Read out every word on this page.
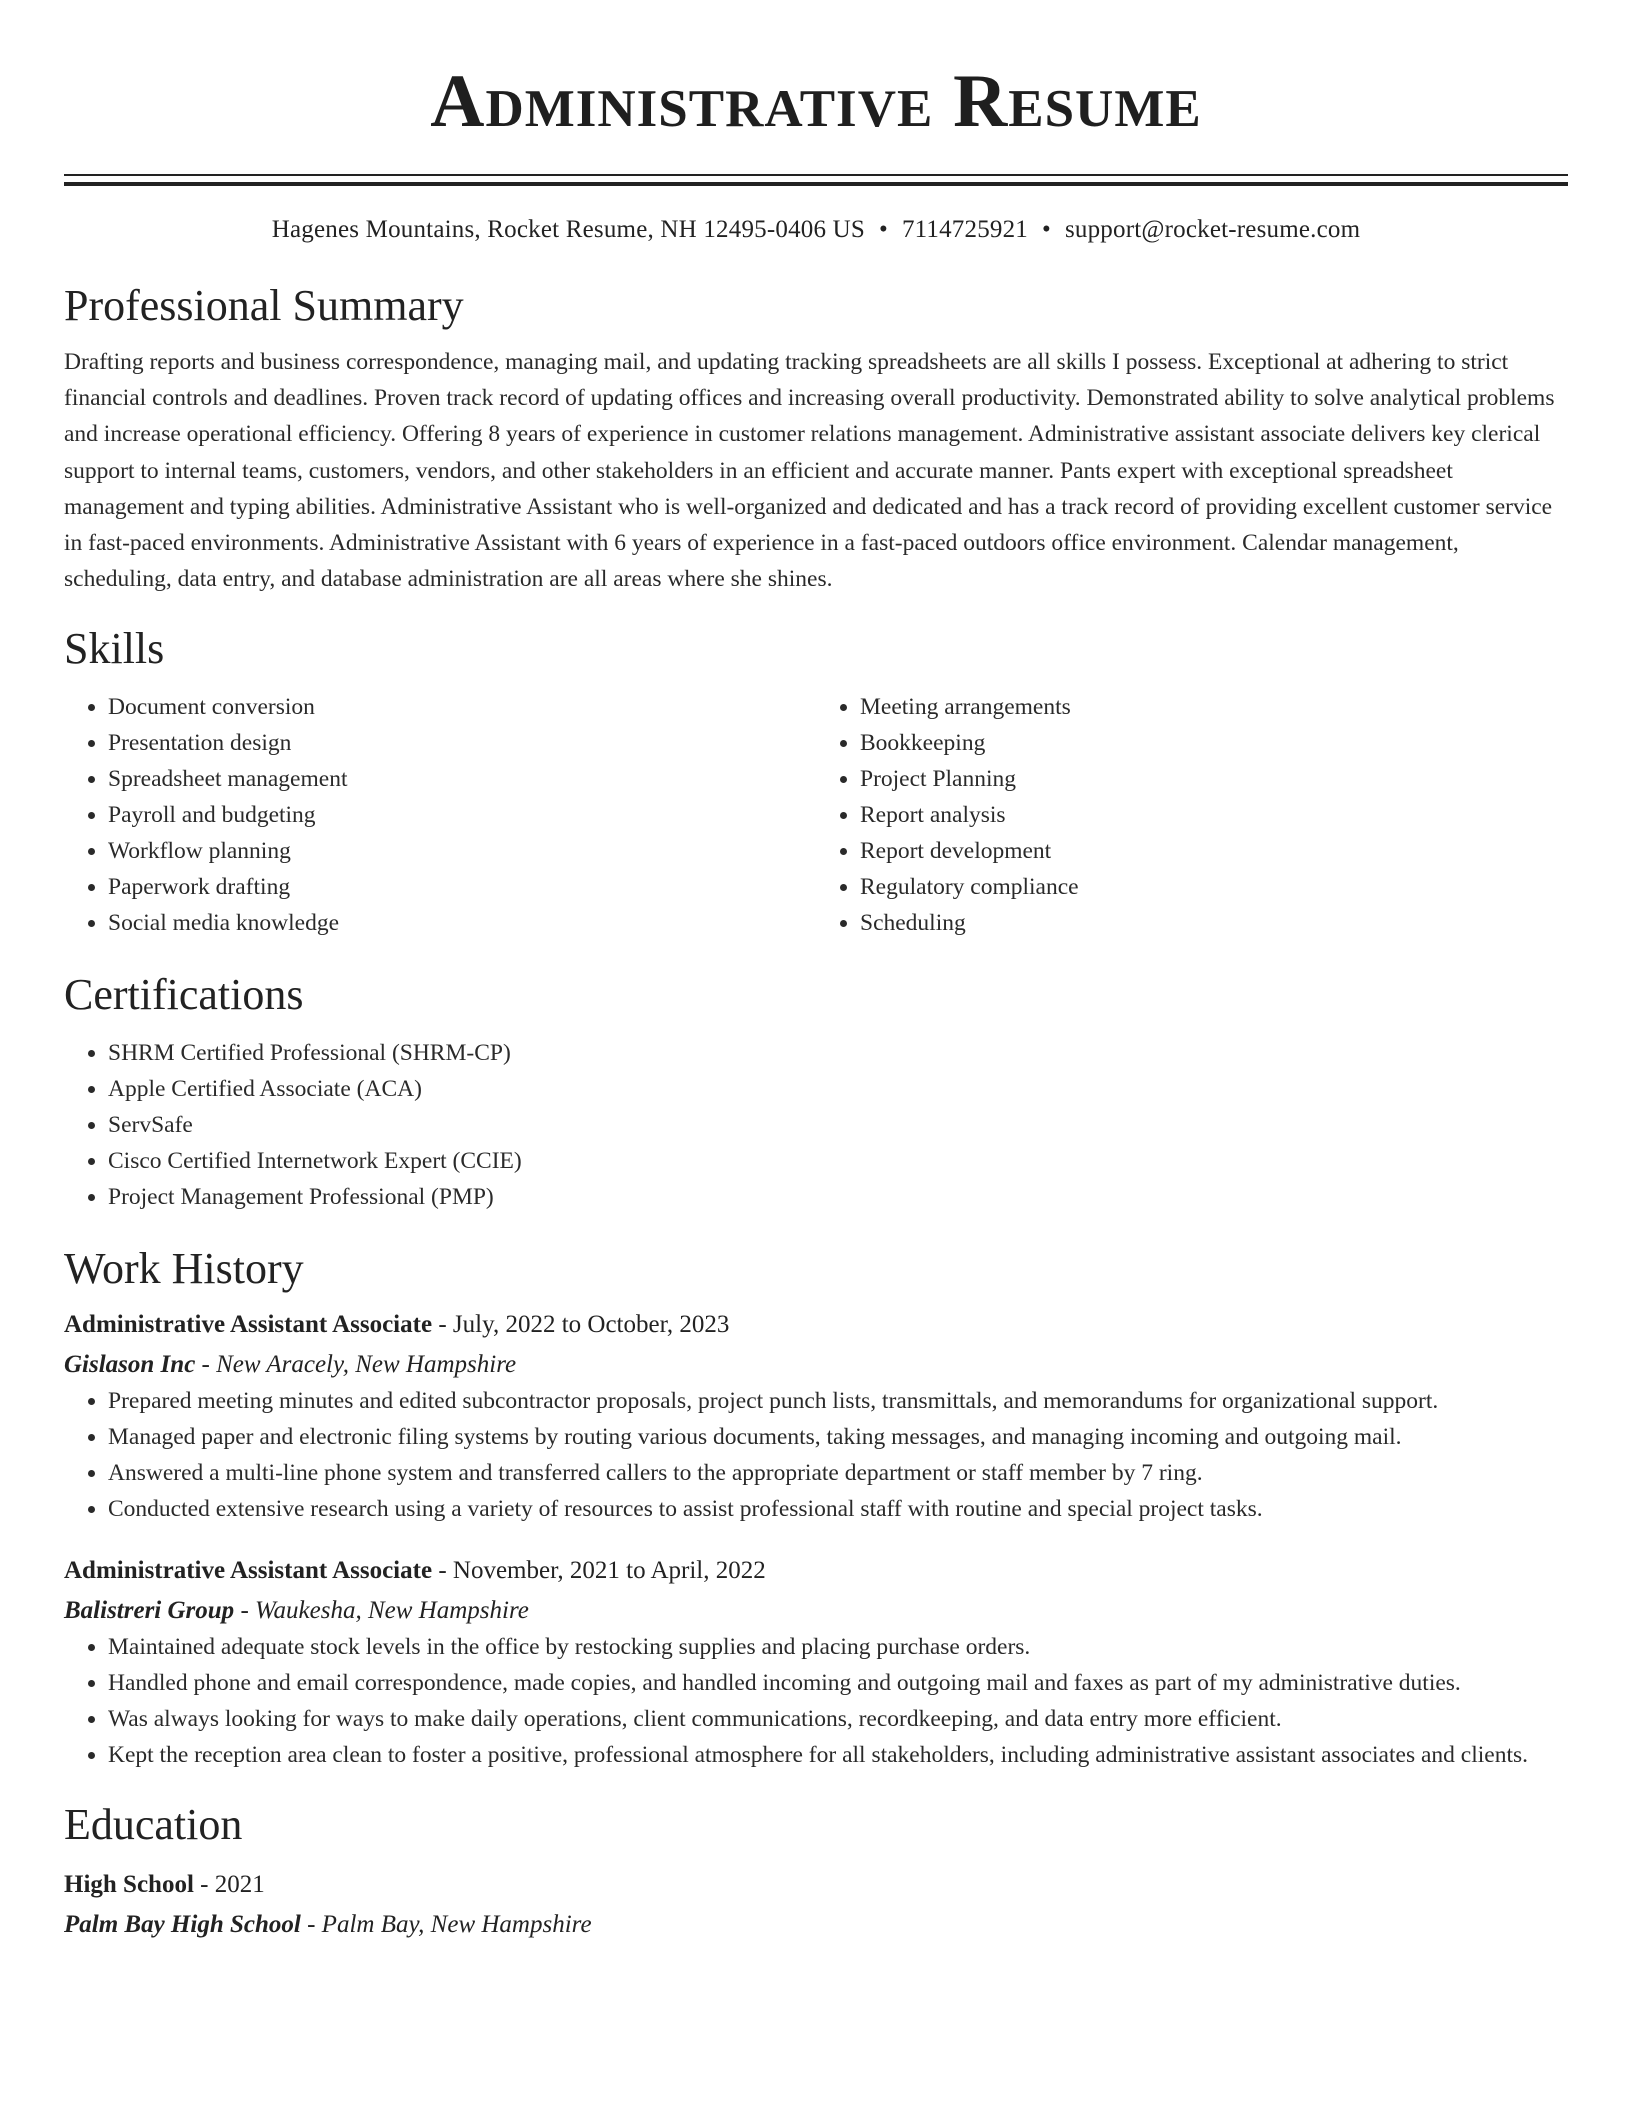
Administrative Resume
Hagenes Mountains, Rocket Resume, NH 12495-0406 US • 7114725921 • support@rocket-resume.com
Professional Summary

Drafting reports and business correspondence, managing mail, and updating tracking spreadsheets are all skills I possess. Exceptional at adhering to strict financial controls and deadlines. Proven track record of updating offices and increasing overall productivity. Demonstrated ability to solve analytical problems and increase operational efficiency. Offering 8 years of experience in customer relations management. Administrative assistant associate delivers key clerical support to internal teams, customers, vendors, and other stakeholders in an efficient and accurate manner. Pants expert with exceptional spreadsheet management and typing abilities. Administrative Assistant who is well-organized and dedicated and has a track record of providing excellent customer service in fast-paced environments. Administrative Assistant with 6 years of experience in a fast-paced outdoors office environment. Calendar management, scheduling, data entry, and database administration are all areas where she shines.

Skills
• Document conversion
• Presentation design
• Spreadsheet management
• Payroll and budgeting
• Workflow planning
• Paperwork drafting
• Social media knowledge
• Meeting arrangements
• Bookkeeping
• Project Planning
• Report analysis
• Report development
• Regulatory compliance
• Scheduling
Certifications
• SHRM Certified Professional (SHRM-CP)
• Apple Certified Associate (ACA)
• ServSafe
• Cisco Certified Internetwork Expert (CCIE)
• Project Management Professional (PMP)
Work History

Administrative Assistant Associate - July, 2022 to October, 2023

Gislason Inc - New Aracely, New Hampshire

• Prepared meeting minutes and edited subcontractor proposals, project punch lists, transmittals, and memorandums for organizational support.
• Managed paper and electronic filing systems by routing various documents, taking messages, and managing incoming and outgoing mail.
• Answered a multi-line phone system and transferred callers to the appropriate department or staff member by 7 ring.
• Conducted extensive research using a variety of resources to assist professional staff with routine and special project tasks.

Administrative Assistant Associate - November, 2021 to April, 2022

Balistreri Group - Waukesha, New Hampshire

• Maintained adequate stock levels in the office by restocking supplies and placing purchase orders.
• Handled phone and email correspondence, made copies, and handled incoming and outgoing mail and faxes as part of my administrative duties.
• Was always looking for ways to make daily operations, client communications, recordkeeping, and data entry more efficient.
• Kept the reception area clean to foster a positive, professional atmosphere for all stakeholders, including administrative assistant associates and clients.
Education

High School - 2021

Palm Bay High School - Palm Bay, New Hampshire
